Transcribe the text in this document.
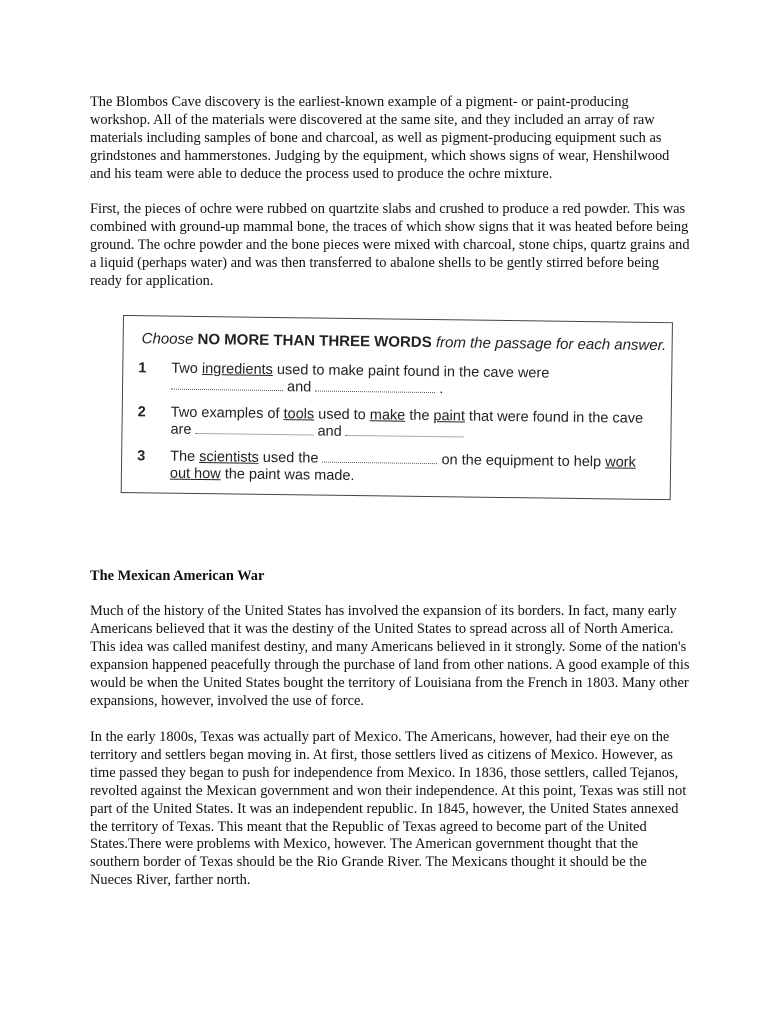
The Blombos Cave discovery is the earliest-known example of a pigment- or paint-producing workshop. All of the materials were discovered at the same site, and they included an array of raw materials including samples of bone and charcoal, as well as pigment-producing equipment such as grindstones and hammerstones. Judging by the equipment, which shows signs of wear, Henshilwood and his team were able to deduce the process used to produce the ochre mixture.

First, the pieces of ochre were rubbed on quartzite slabs and crushed to produce a red powder. This was combined with ground-up mammal bone, the traces of which show signs that it was heated before being ground. The ochre powder and the bone pieces were mixed with charcoal, stone chips, quartz grains and a liquid (perhaps water) and was then transferred to abalone shells to be gently stirred before being ready for application.

Choose NO MORE THAN THREE WORDS from the passage for each answer.
1 Two ingredients used to make paint found in the cave were
and	.
2 Two examples of tools used to make the paint that were found in the cave
are	and
3 The scientists used the	on the equipment to help work
out how the paint was made.
The Mexican American War

Much of the history of the United States has involved the expansion of its borders. In fact, many early Americans believed that it was the destiny of the United States to spread across all of North America. This idea was called manifest destiny, and many Americans believed in it strongly. Some of the nation's expansion happened peacefully through the purchase of land from other nations. A good example of this would be when the United States bought the territory of Louisiana from the French in 1803. Many other expansions, however, involved the use of force.

In the early 1800s, Texas was actually part of Mexico. The Americans, however, had their eye on the territory and settlers began moving in. At first, those settlers lived as citizens of Mexico. However, as time passed they began to push for independence from Mexico. In 1836, those settlers, called Tejanos, revolted against the Mexican government and won their independence. At this point, Texas was still not part of the United States. It was an independent republic. In 1845, however, the United States annexed the territory of Texas. This meant that the Republic of Texas agreed to become part of the United States.There were problems with Mexico, however. The American government thought that the southern border of Texas should be the Rio Grande River. The Mexicans thought it should be the Nueces River, farther north.
